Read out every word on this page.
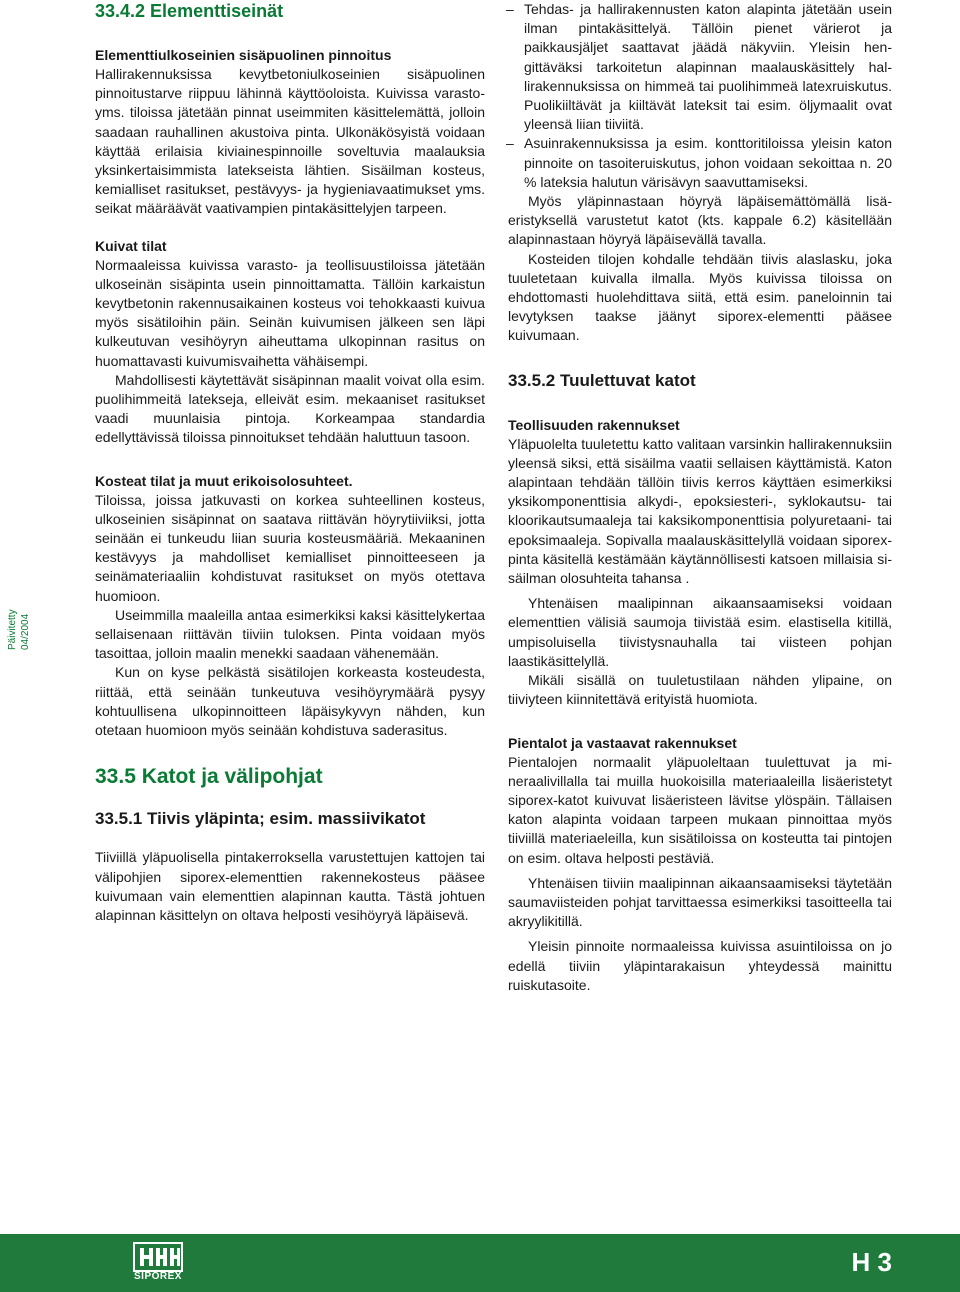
Päivitetty 04/2004
33.4.2 Elementtiseinät
Elementtiulkoseinien sisäpuolinen pinnoitus

Hallirakennuksissa kevytbetoniulkoseinien sisäpuolinen pinnoitustarve riippuu lähinnä käyttöoloista. Kuivissa varasto- yms. tiloissa jätetään pinnat useimmiten käsittelemättä, jolloin saadaan rauhallinen akustoiva pinta. Ulkonäkösyistä voidaan käyttää erilaisia kiviainespinnoille soveltuvia maalauksia yksinkertaisimmista latekseista lähtien. Sisäilman kosteus, kemialliset rasitukset, pestävyys- ja hygieniavaatimukset yms. seikat määräävät vaativampien pintakäsittelyjen tarpeen.

Kuivat tilat

Normaaleissa kuivissa varasto- ja teollisuustiloissa jätetään ulkoseinän sisäpinta usein pinnoittamatta. Tällöin karkaistun kevytbetonin rakennusaikainen kosteus voi tehokkaasti kuivua myös sisätiloihin päin. Seinän kuivumisen jälkeen sen läpi kulkeutuvan vesihöyryn aiheuttama ulkopinnan rasitus on huomattavasti kuivumisvaihetta vähäisempi.

Mahdollisesti käytettävät sisäpinnan maalit voivat olla esim. puolihimmeitä latekseja, elleivät esim. mekaaniset rasitukset vaadi muunlaisia pintoja. Korkeampaa standardia edellyttävissä tiloissa pinnoitukset tehdään haluttuun tasoon.

Kosteat tilat ja muut erikoisolosuhteet.

Tiloissa, joissa jatkuvasti on korkea suhteellinen kosteus, ulkoseinien sisäpinnat on saatava riittävän höyrytiiviiksi, jotta seinään ei tunkeudu liian suuria kosteusmääriä. Mekaaninen kestävyys ja mahdolliset kemialliset pinnoitteeseen ja seinämateriaaliin kohdistuvat rasitukset on myös otettava huomioon.

Useimmilla maaleilla antaa esimerkiksi kaksi käsittelykertaa sellaisenaan riittävän tiiviin tuloksen. Pinta voidaan myös tasoittaa, jolloin maalin menekki saadaan vähenemään.

Kun on kyse pelkästä sisätilojen korkeasta kosteudesta, riittää, että seinään tunkeutuva vesihöyrymäärä pysyy kohtuullisena ulkopinnoitteen läpäisykyvyn nähden, kun otetaan huomioon myös seinään kohdistuva saderasitus.

33.5 Katot ja välipohjat
33.5.1 Tiivis yläpinta; esim. massiivikatot

Tiiviillä yläpuolisella pintakerroksella varustettujen kattojen tai välipohjien siporex-elementtien rakennekosteus pääsee kuivumaan vain elementtien alapinnan kautta. Tästä johtuen alapinnan käsittelyn on oltava helposti vesihöyryä läpäisevä.

– Tehdas- ja hallirakennusten katon alapinta jätetään usein ilman pintakäsittelyä. Tällöin pienet värierot ja paikkausjäljet saattavat jäädä näkyviin. Yleisin hengittäväksi tarkoitetun alapinnan maalauskäsittely hallirakennuksissa on himmeä tai puolihimmeä latexruiskutus. Puolikiiltävät ja kiiltävät lateksit tai esim. öljymaalit ovat yleensä liian tiiviitä.
– Asuinrakennuksissa ja esim. konttoritiloissa yleisin katon pinnoite on tasoiteruiskutus, johon voidaan sekoittaa n. 20 % lateksia halutun värisävyn saavuttamiseksi.

Myös yläpinnastaan höyryä läpäisemättömällä lisäeristyksellä varustetut katot (kts. kappale 6.2) käsitellään alapinnastaan höyryä läpäisevällä tavalla.

Kosteiden tilojen kohdalle tehdään tiivis alaslasku, joka tuuletetaan kuivalla ilmalla. Myös kuivissa tiloissa on ehdottomasti huolehdittava siitä, että esim. paneloinnin tai levytyksen taakse jäänyt siporex-elementti pääsee kuivumaan.

33.5.2 Tuulettuvat katot
Teollisuuden rakennukset

Yläpuolelta tuuletettu katto valitaan varsinkin hallirakennuksiin yleensä siksi, että sisäilma vaatii sellaisen käyttämistä. Katon alapintaan tehdään tällöin tiivis kerros käyttäen esimerkiksi yksikomponenttisia alkydi-, epoksiesteri-, syklokautsu- tai kloorikautsumaaleja tai kaksikomponenttisia polyuretaani- tai epoksimaaleja. Sopivalla maalauskäsittelyllä voidaan siporex-pinta käsitellä kestämään käytännöllisesti katsoen millaisia sisäilman olosuhteita tahansa .

Yhtenäisen maalipinnan aikaansaamiseksi voidaan elementtien välisiä saumoja tiivistää esim. elastisella kitillä, umpisoluisella tiivistysnauhalla tai viisteen pohjan laastikäsittelyllä.

Mikäli sisällä on tuuletustilaan nähden ylipaine, on tiiviyteen kiinnitettävä erityistä huomiota.

Pientalot ja vastaavat rakennukset

Pientalojen normaalit yläpuoleltaan tuulettuvat ja mineraalivillalla tai muilla huokoisilla materiaaleilla lisäeristetyt siporex-katot kuivuvat lisäeristeen lävitse ylöspäin. Tällaisen katon alapinta voidaan tarpeen mukaan pinnoittaa myös tiiviillä materiaeleilla, kun sisätiloissa on kosteutta tai pintojen on esim. oltava helposti pestäviä.

Yhtenäisen tiiviin maalipinnan aikaansaamiseksi täytetään saumaviisteiden pohjat tarvittaessa esimerkiksi tasoitteella tai akryylikitillä.

Yleisin pinnoite normaaleissa kuivissa asuintiloissa on jo edellä tiiviin yläpintarakaisun yhteydessä mainittu ruiskutasoite.

SIPOREX	H 3
